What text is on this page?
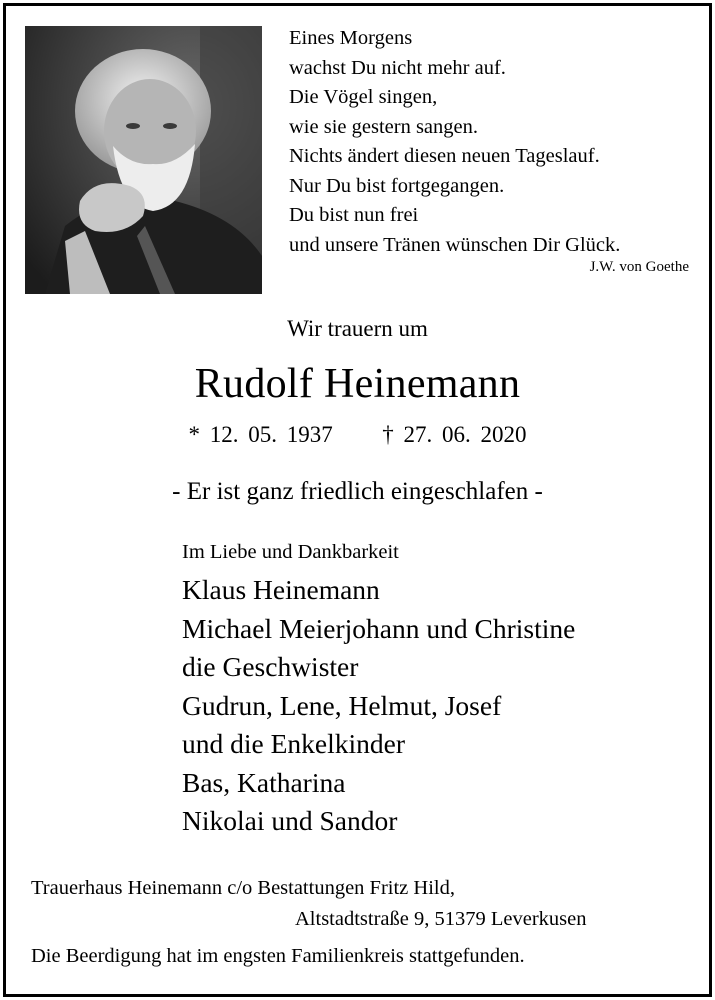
Eines Morgens
wachst Du nicht mehr auf.
Die Vögel singen,
wie sie gestern sangen.
Nichts ändert diesen neuen Tageslauf.
Nur Du bist fortgegangen.
Du bist nun frei
und unsere Tränen wünschen Dir Glück.
J.W. von Goethe
Wir trauern um
Rudolf Heinemann
* 12. 05. 1937 † 27. 06. 2020
- Er ist ganz friedlich eingeschlafen -
Im Liebe und Dankbarkeit
Klaus Heinemann
Michael Meierjohann und Christine
die Geschwister
Gudrun, Lene, Helmut, Josef
und die Enkelkinder
Bas, Katharina
Nikolai und Sandor
Trauerhaus Heinemann c/o Bestattungen Fritz Hild,
Altstadtstraße 9, 51379 Leverkusen
Die Beerdigung hat im engsten Familienkreis stattgefunden.
